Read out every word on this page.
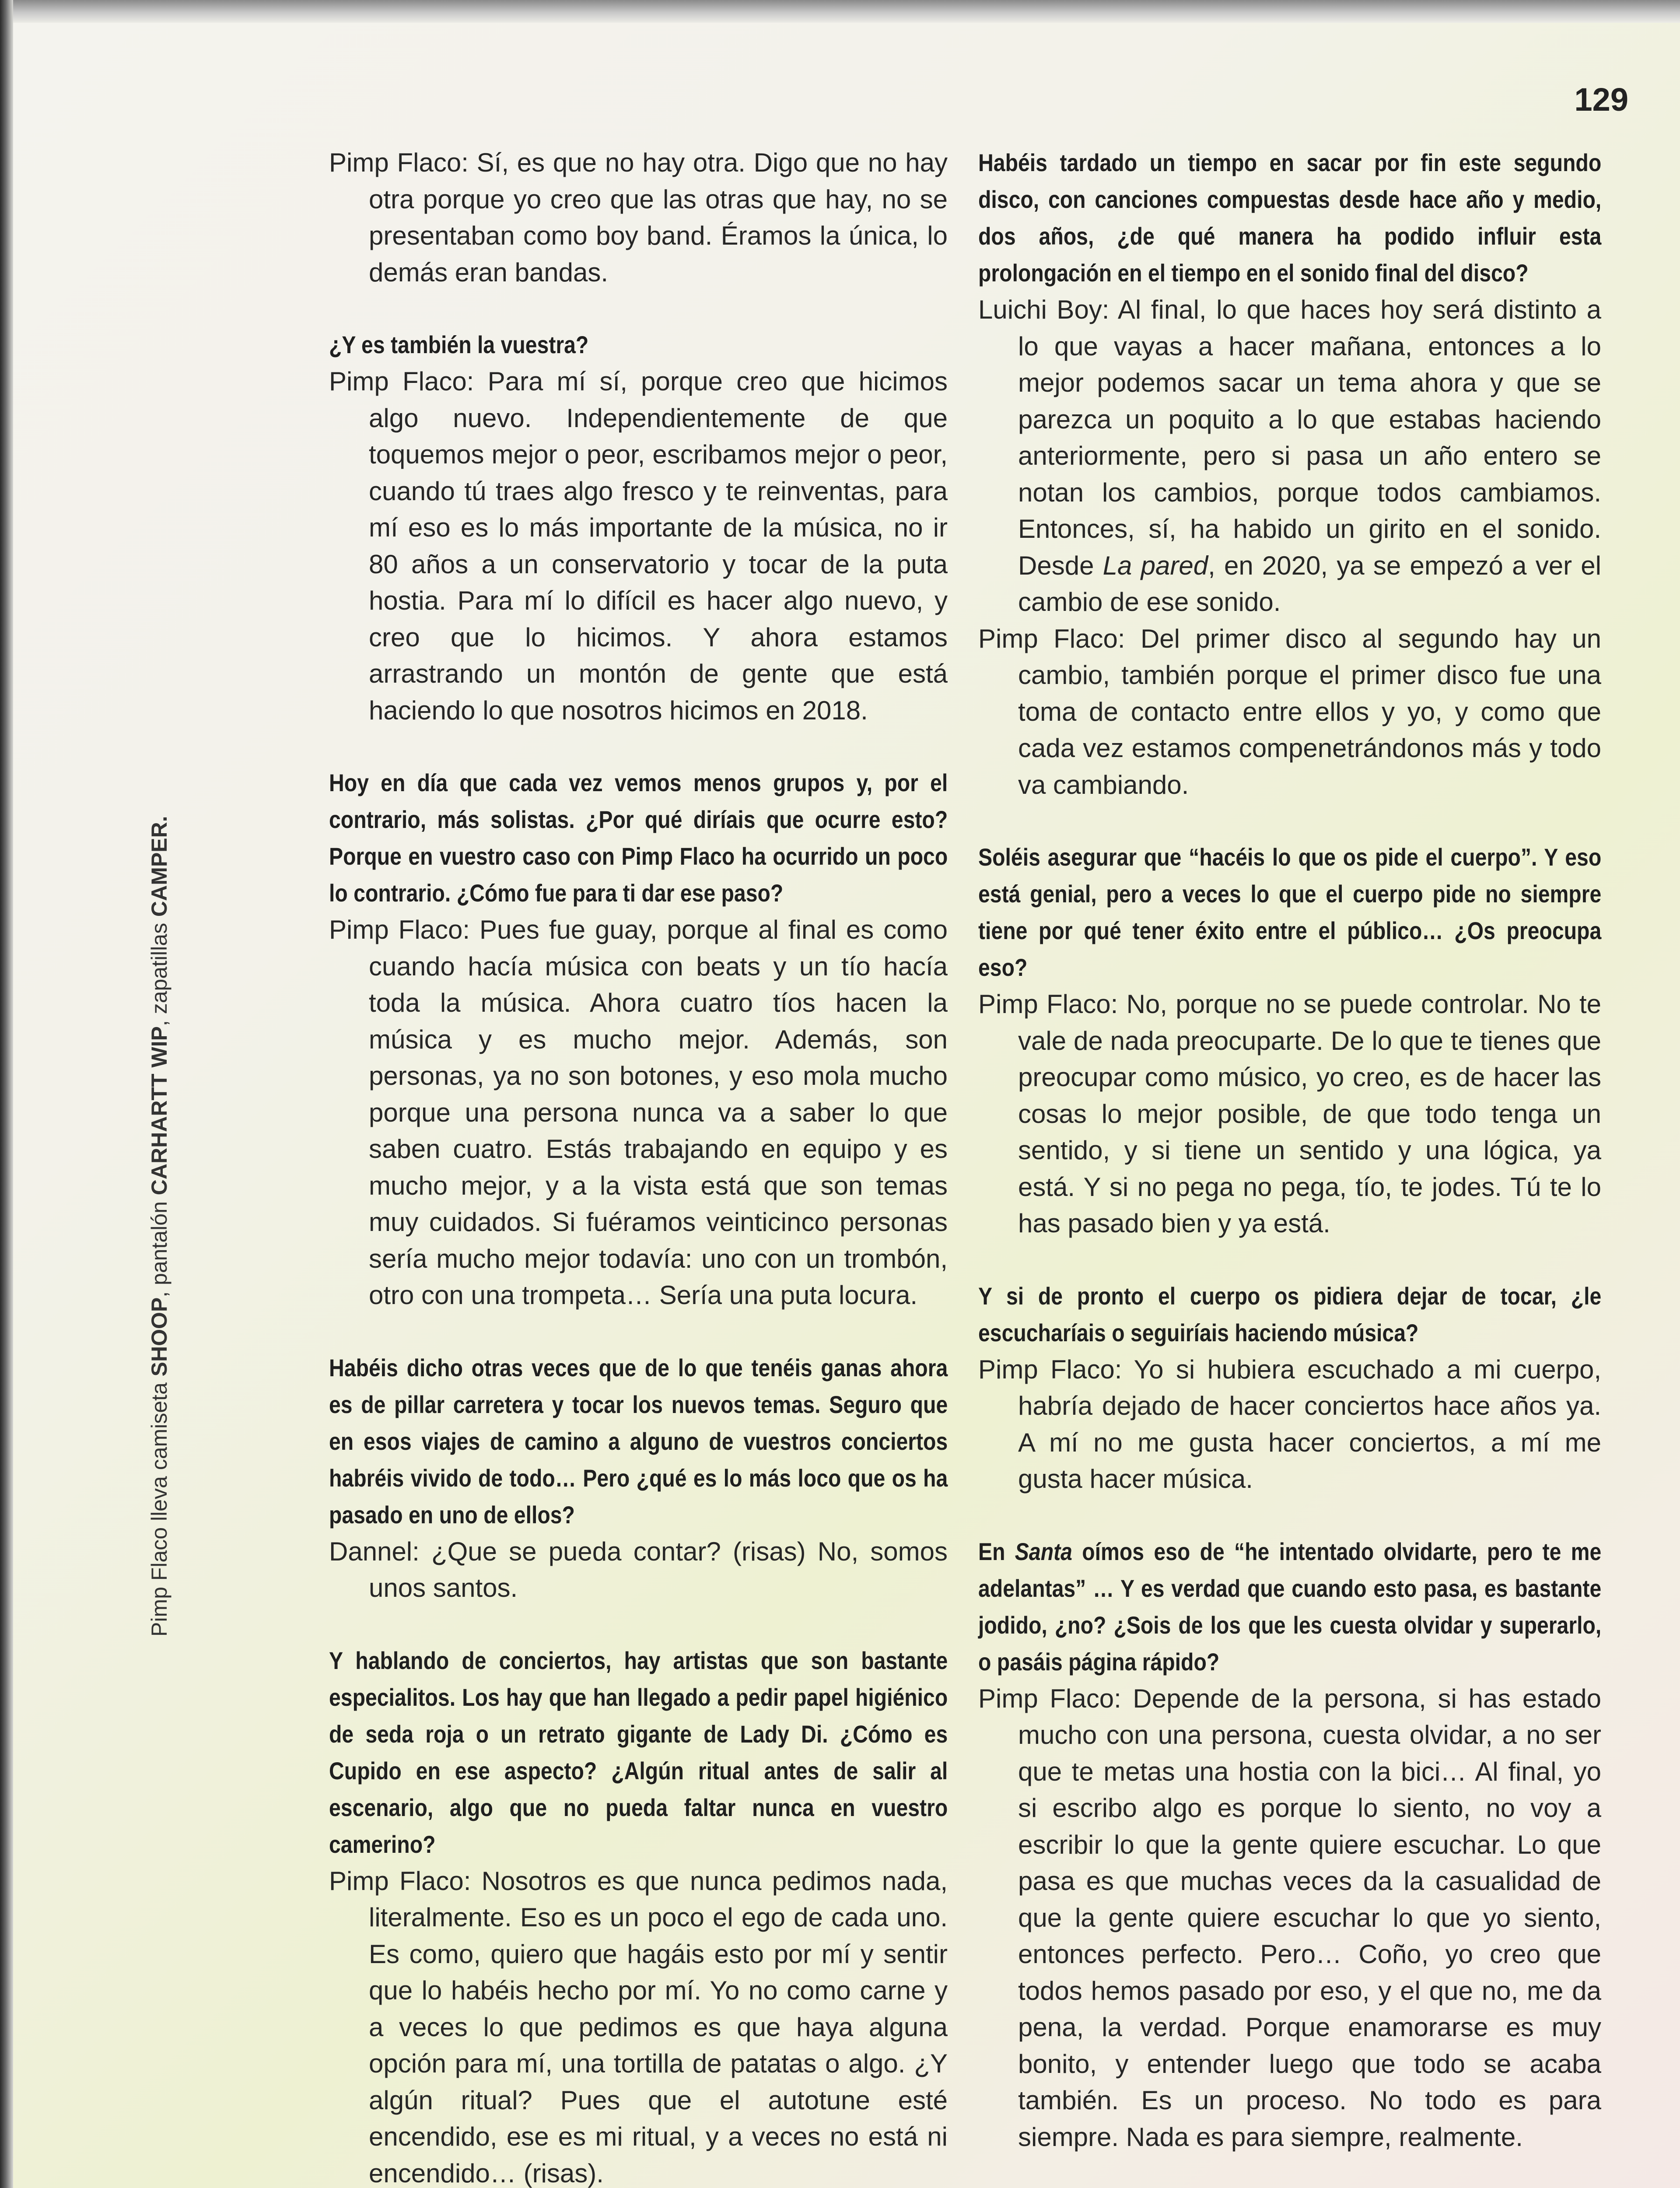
129
Pimp Flaco lleva camiseta SHOOP, pantalón CARHARTT WIP, zapatillas CAMPER.

Pimp Flaco: Sí, es que no hay otra. Digo que no hay otra porque yo creo que las otras que hay, no se presentaban como boy band. Éramos la única, lo demás eran bandas.

¿Y es también la vuestra?

Pimp Flaco: Para mí sí, porque creo que hicimos algo nuevo. Independientemente de que toquemos mejor o peor, escribamos mejor o peor, cuando tú traes algo fresco y te reinventas, para mí eso es lo más importante de la música, no ir 80 años a un conservatorio y tocar de la puta hostia. Para mí lo difícil es hacer algo nuevo, y creo que lo hicimos. Y ahora estamos arrastrando un montón de gente que está haciendo lo que nosotros hicimos en 2018.

Hoy en día que cada vez vemos menos grupos y, por el contrario, más solistas. ¿Por qué diríais que ocurre esto? Porque en vuestro caso con Pimp Flaco ha ocurrido un poco lo contrario. ¿Cómo fue para ti dar ese paso?

Pimp Flaco: Pues fue guay, porque al final es como cuando hacía música con beats y un tío hacía toda la música. Ahora cuatro tíos hacen la música y es mucho mejor. Además, son personas, ya no son botones, y eso mola mucho porque una persona nunca va a saber lo que saben cuatro. Estás trabajando en equipo y es mucho mejor, y a la vista está que son temas muy cuidados. Si fuéramos veinticinco personas sería mucho mejor todavía: uno con un trombón, otro con una trompeta… Sería una puta locura.

Habéis dicho otras veces que de lo que tenéis ganas ahora es de pillar carretera y tocar los nuevos temas. Seguro que en esos viajes de camino a alguno de vuestros conciertos habréis vivido de todo… Pero ¿qué es lo más loco que os ha pasado en uno de ellos?

Dannel: ¿Que se pueda contar? (risas) No, somos unos santos.

Y hablando de conciertos, hay artistas que son bastante especialitos. Los hay que han llegado a pedir papel higiénico de seda roja o un retrato gigante de Lady Di. ¿Cómo es Cupido en ese aspecto? ¿Algún ritual antes de salir al escenario, algo que no pueda faltar nunca en vuestro camerino?

Pimp Flaco: Nosotros es que nunca pedimos nada, literalmente. Eso es un poco el ego de cada uno. Es como, quiero que hagáis esto por mí y sentir que lo habéis hecho por mí. Yo no como carne y a veces lo que pedimos es que haya alguna opción para mí, una tortilla de patatas o algo. ¿Y algún ritual? Pues que el autotune esté encendido, ese es mi ritual, y a veces no está ni encendido… (risas).

Habéis tardado un tiempo en sacar por fin este segundo disco, con canciones compuestas desde hace año y medio, dos años, ¿de qué manera ha podido influir esta prolongación en el tiempo en el sonido final del disco?

Luichi Boy: Al final, lo que haces hoy será distinto a lo que vayas a hacer mañana, entonces a lo mejor podemos sacar un tema ahora y que se parezca un poquito a lo que estabas haciendo anteriormente, pero si pasa un año entero se notan los cambios, porque todos cambiamos. Entonces, sí, ha habido un girito en el sonido. Desde La pared, en 2020, ya se empezó a ver el cambio de ese sonido.

Pimp Flaco: Del primer disco al segundo hay un cambio, también porque el primer disco fue una toma de contacto entre ellos y yo, y como que cada vez estamos compenetrándonos más y todo va cambiando.

Soléis asegurar que “hacéis lo que os pide el cuerpo”. Y eso está genial, pero a veces lo que el cuerpo pide no siempre tiene por qué tener éxito entre el público… ¿Os preocupa eso?

Pimp Flaco: No, porque no se puede controlar. No te vale de nada preocuparte. De lo que te tienes que preocupar como músico, yo creo, es de hacer las cosas lo mejor posible, de que todo tenga un sentido, y si tiene un sentido y una lógica, ya está. Y si no pega no pega, tío, te jodes. Tú te lo has pasado bien y ya está.

Y si de pronto el cuerpo os pidiera dejar de tocar, ¿le escucharíais o seguiríais haciendo música?

Pimp Flaco: Yo si hubiera escuchado a mi cuerpo, habría dejado de hacer conciertos hace años ya. A mí no me gusta hacer conciertos, a mí me gusta hacer música.

En Santa oímos eso de “he intentado olvidarte, pero te me adelantas” … Y es verdad que cuando esto pasa, es bastante jodido, ¿no? ¿Sois de los que les cuesta olvidar y superarlo, o pasáis página rápido?

Pimp Flaco: Depende de la persona, si has estado mucho con una persona, cuesta olvidar, a no ser que te metas una hostia con la bici… Al final, yo si escribo algo es porque lo siento, no voy a escribir lo que la gente quiere escuchar. Lo que pasa es que muchas veces da la casualidad de que la gente quiere escuchar lo que yo siento, entonces perfecto. Pero… Coño, yo creo que todos hemos pasado por eso, y el que no, me da pena, la verdad. Porque enamorarse es muy bonito, y entender luego que todo se acaba también. Es un proceso. No todo es para siempre. Nada es para siempre, realmente.
